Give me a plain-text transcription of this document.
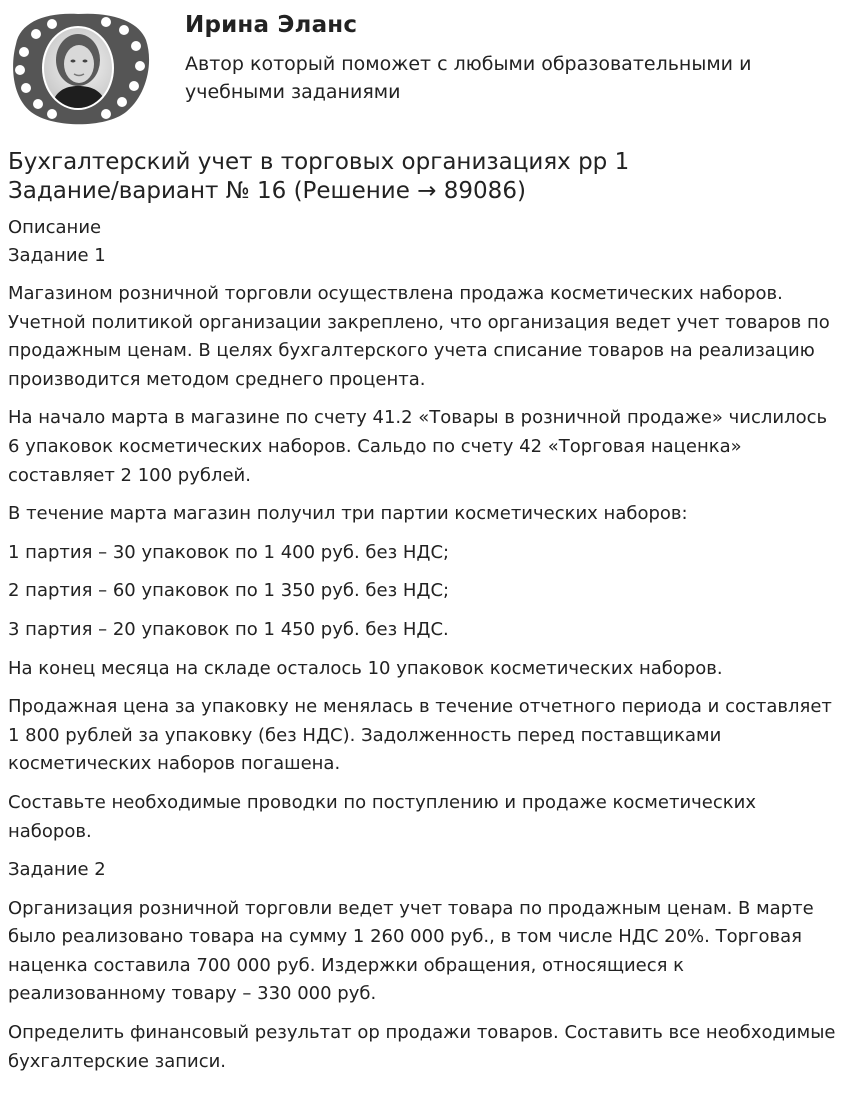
Ирина Эланс

Автор который поможет с любыми образовательными и учебными заданиями

Бухгалтерский учет в торговых организациях рр 1
Задание/вариант № 16 (Решение → 89086)

Описание

Задание 1

Магазином розничной торговли осуществлена продажа косметических наборов. Учетной политикой организации закреплено, что организация ведет учет товаров по продажным ценам. В целях бухгалтерского учета списание товаров на реализацию производится методом среднего процента.

На начало марта в магазине по счету 41.2 «Товары в розничной продаже» числилось 6 упаковок косметических наборов. Сальдо по счету 42 «Торговая наценка» составляет 2 100 рублей.

В течение марта магазин получил три партии косметических наборов:

1 партия – 30 упаковок по 1 400 руб. без НДС;

2 партия – 60 упаковок по 1 350 руб. без НДС;

3 партия – 20 упаковок по 1 450 руб. без НДС.

На конец месяца на складе осталось 10 упаковок косметических наборов.

Продажная цена за упаковку не менялась в течение отчетного периода и составляет 1 800 рублей за упаковку (без НДС). Задолженность перед поставщиками косметических наборов погашена.

Составьте необходимые проводки по поступлению и продаже косметических наборов.

Задание 2

Организация розничной торговли ведет учет товара по продажным ценам. В марте было реализовано товара на сумму 1 260 000 руб., в том числе НДС 20%. Торговая наценка составила 700 000 руб. Издержки обращения, относящиеся к реализованному товару – 330 000 руб.

Определить финансовый результат ор продажи товаров. Составить все необходимые бухгалтерские записи.
